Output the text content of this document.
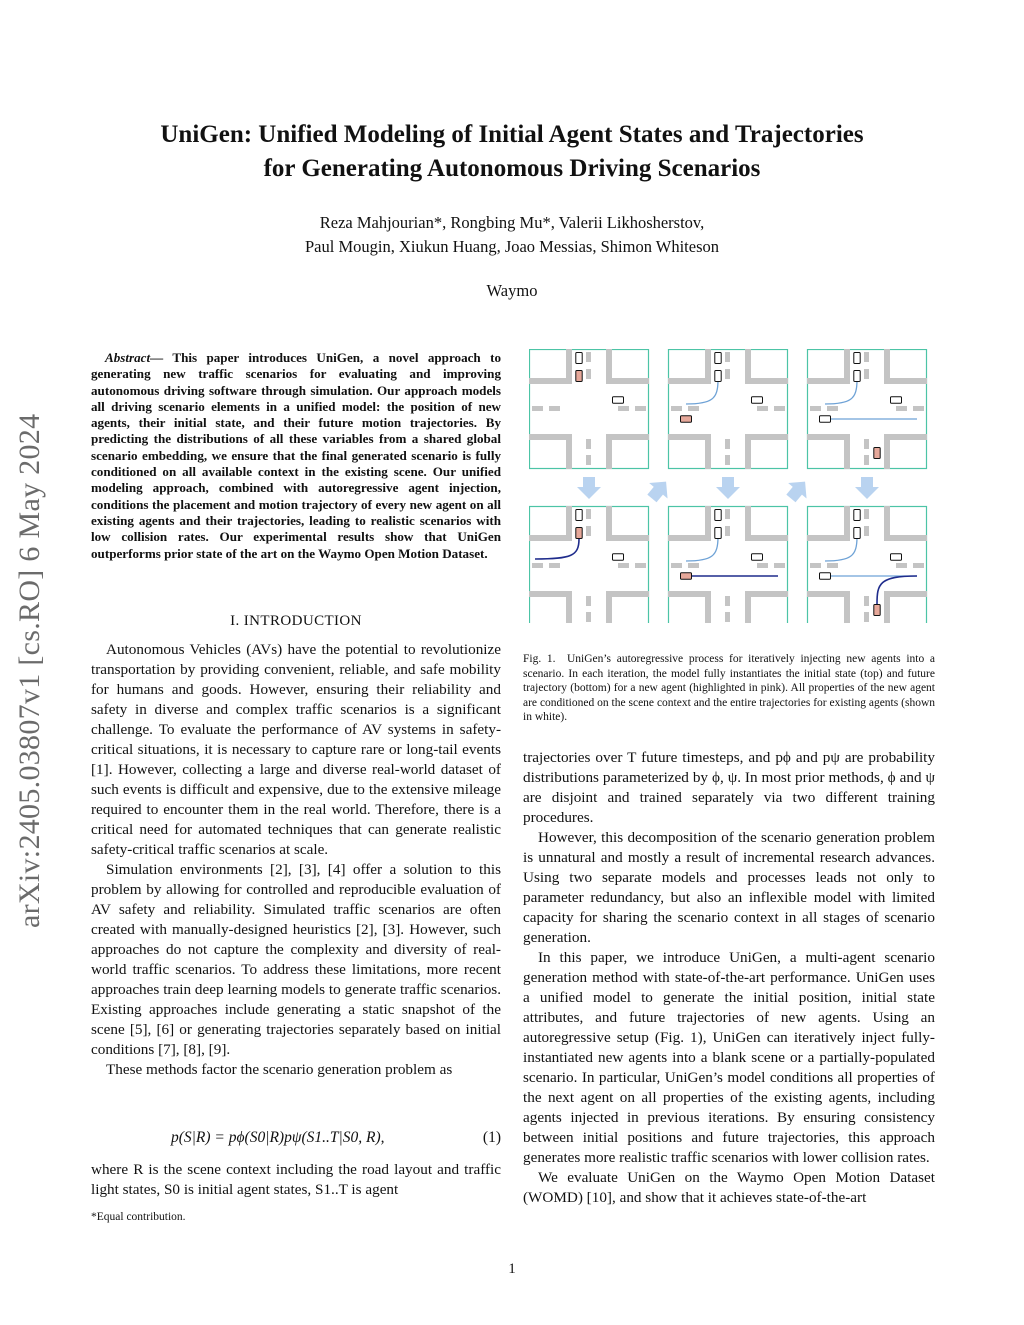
UniGen: Unified Modeling of Initial Agent States and Trajectories
for Generating Autonomous Driving Scenarios
Reza Mahjourian*, Rongbing Mu*, Valerii Likhosherstov,
Paul Mougin, Xiukun Huang, Joao Messias, Shimon Whiteson
Waymo
arXiv:2405.03807v1 [cs.RO] 6 May 2024

Abstract— This paper introduces UniGen, a novel approach to generating new traffic scenarios for evaluating and improving autonomous driving software through simulation. Our approach models all driving scenario elements in a unified model: the position of new agents, their initial state, and their future motion trajectories. By predicting the distributions of all these variables from a shared global scenario embedding, we ensure that the final generated scenario is fully conditioned on all available context in the existing scene. Our unified modeling approach, combined with autoregressive agent injection, conditions the placement and motion trajectory of every new agent on all existing agents and their trajectories, leading to realistic scenarios with low collision rates. Our experimental results show that UniGen outperforms prior state of the art on the Waymo Open Motion Dataset.

I. INTRODUCTION

Autonomous Vehicles (AVs) have the potential to revolutionize transportation by providing convenient, reliable, and safe mobility for humans and goods. However, ensuring their reliability and safety in diverse and complex traffic scenarios is a significant challenge. To evaluate the performance of AV systems in safety-critical situations, it is necessary to capture rare or long-tail events [1]. However, collecting a large and diverse real-world dataset of such events is difficult and expensive, due to the extensive mileage required to encounter them in the real world. Therefore, there is a critical need for automated techniques that can generate realistic safety-critical traffic scenarios at scale.

Simulation environments [2], [3], [4] offer a solution to this problem by allowing for controlled and reproducible evaluation of AV safety and reliability. Simulated traffic scenarios are often created with manually-designed heuristics [2], [3]. However, such approaches do not capture the complexity and diversity of real-world traffic scenarios. To address these limitations, more recent approaches train deep learning models to generate traffic scenarios. Existing approaches include generating a static snapshot of the scene [5], [6] or generating trajectories separately based on initial conditions [7], [8], [9].

These methods factor the scenario generation problem as

p(S|R) = pϕ(S0|R)pψ(S1..T|S0, R),	(1)

where R is the scene context including the road layout and traffic light states, S0 is initial agent states, S1..T is agent

*Equal contribution.

Fig. 1. UniGen’s autoregressive process for iteratively injecting new agents into a scenario. In each iteration, the model fully instantiates the initial state (top) and future trajectory (bottom) for a new agent (highlighted in pink). All properties of the new agent are conditioned on the scene context and the entire trajectories for existing agents (shown in white).

trajectories over T future timesteps, and pϕ and pψ are probability distributions parameterized by ϕ, ψ. In most prior methods, ϕ and ψ are disjoint and trained separately via two different training procedures.

However, this decomposition of the scenario generation problem is unnatural and mostly a result of incremental research advances. Using two separate models and processes leads not only to parameter redundancy, but also an inflexible model with limited capacity for sharing the scenario context in all stages of scenario generation.

In this paper, we introduce UniGen, a multi-agent scenario generation method with state-of-the-art performance. UniGen uses a unified model to generate the initial position, initial state attributes, and future trajectories of new agents. Using an autoregressive setup (Fig. 1), UniGen can iteratively inject fully-instantiated new agents into a blank scene or a partially-populated scenario. In particular, UniGen’s model conditions all properties of the next agent on all properties of the existing agents, including agents injected in previous iterations. By ensuring consistency between initial positions and future trajectories, this approach generates more realistic traffic scenarios with lower collision rates.

We evaluate UniGen on the Waymo Open Motion Dataset (WOMD) [10], and show that it achieves state-of-the-art

1
